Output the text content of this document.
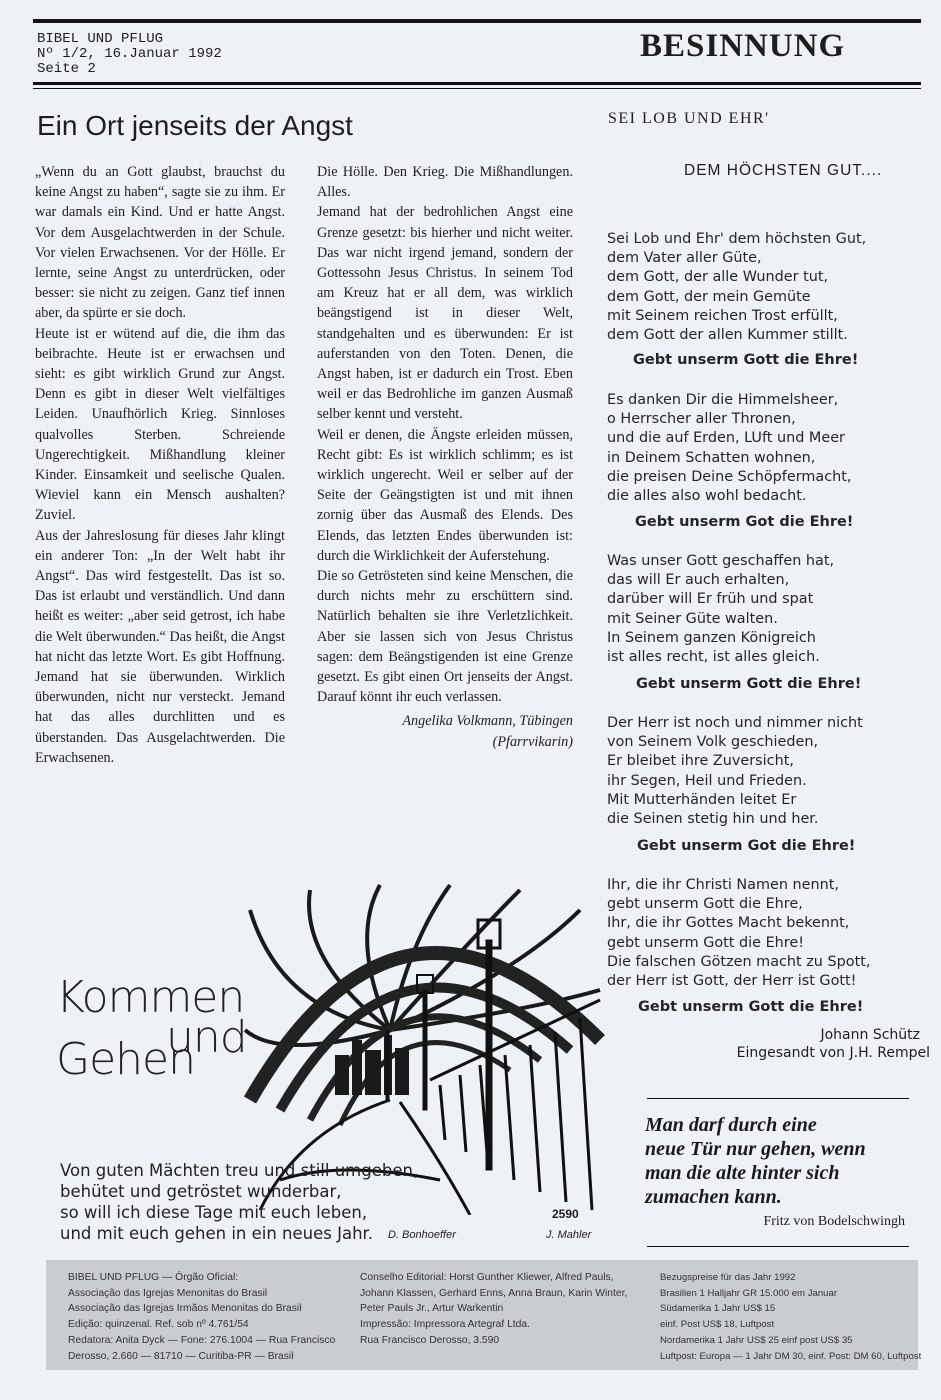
BIBEL UND PFLUG
Nº 1/2, 16.Januar 1992
Seite 2
BESINNUNG
Ein Ort jenseits der Angst

„Wenn du an Gott glaubst, brauchst du keine Angst zu haben“, sagte sie zu ihm. Er war damals ein Kind. Und er hatte Angst. Vor dem Ausgelachtwerden in der Schule. Vor vielen Erwachsenen. Vor der Hölle. Er lernte, seine Angst zu unterdrücken, oder besser: sie nicht zu zeigen. Ganz tief innen aber, da spürte er sie doch.

Heute ist er wütend auf die, die ihm das beibrachte. Heute ist er erwachsen und sieht: es gibt wirklich Grund zur Angst. Denn es gibt in dieser Welt vielfältiges Leiden. Unaufhörlich Krieg. Sinnloses qualvolles Sterben. Schreiende Ungerechtigkeit. Mißhandlung kleiner Kinder. Einsamkeit und seelische Qualen. Wieviel kann ein Mensch aushalten? Zuviel.

Aus der Jahreslosung für dieses Jahr klingt ein anderer Ton: „In der Welt habt ihr Angst“. Das wird festgestellt. Das ist so. Das ist erlaubt und verständlich. Und dann heißt es weiter: „aber seid getrost, ich habe die Welt überwunden.“ Das heißt, die Angst hat nicht das letzte Wort. Es gibt Hoffnung. Jemand hat sie überwunden. Wirklich überwunden, nicht nur versteckt. Jemand hat das alles durchlitten und es überstanden. Das Ausgelachtwerden. Die Erwachsenen.

Die Hölle. Den Krieg. Die Mißhandlungen. Alles.

Jemand hat der bedrohlichen Angst eine Grenze gesetzt: bis hierher und nicht weiter. Das war nicht irgend jemand, sondern der Gottessohn Jesus Christus. In seinem Tod am Kreuz hat er all dem, was wirklich beängstigend ist in dieser Welt, standgehalten und es überwunden: Er ist auferstanden von den Toten. Denen, die Angst haben, ist er dadurch ein Trost. Eben weil er das Bedrohliche im ganzen Ausmaß selber kennt und versteht.

Weil er denen, die Ängste erleiden müssen, Recht gibt: Es ist wirklich schlimm; es ist wirklich ungerecht. Weil er selber auf der Seite der Geängstigten ist und mit ihnen zornig über das Ausmaß des Elends. Des Elends, das letzten Endes überwunden ist: durch die Wirklichkeit der Auferstehung.

Die so Getrösteten sind keine Menschen, die durch nichts mehr zu erschüttern sind. Natürlich behalten sie ihre Verletzlichkeit. Aber sie lassen sich von Jesus Christus sagen: dem Beängstigenden ist eine Grenze gesetzt. Es gibt einen Ort jenseits der Angst. Darauf könnt ihr euch verlassen.

Angelika Volkmann, Tübingen

(Pfarrvikarin)

SEI LOB UND EHR'
DEM HÖCHSTEN GUT....
Sei Lob und Ehr' dem höchsten Gut,
dem Vater aller Güte,
dem Gott, der alle Wunder tut,
dem Gott, der mein Gemüte
mit Seinem reichen Trost erfüllt,
dem Gott der allen Kummer stillt.
Gebt unserm Gott die Ehre!
Es danken Dir die Himmelsheer,
o Herrscher aller Thronen,
und die auf Erden, LUft und Meer
in Deinem Schatten wohnen,
die preisen Deine Schöpfermacht,
die alles also wohl bedacht.
Gebt unserm Got die Ehre!
Was unser Gott geschaffen hat,
das will Er auch erhalten,
darüber will Er früh und spat
mit Seiner Güte walten.
In Seinem ganzen Königreich
ist alles recht, ist alles gleich.
Gebt unserm Gott die Ehre!
Der Herr ist noch und nimmer nicht
von Seinem Volk geschieden,
Er bleibet ihre Zuversicht,
ihr Segen, Heil und Frieden.
Mit Mutterhänden leitet Er
die Seinen stetig hin und her.
Gebt unserm Got die Ehre!
Ihr, die ihr Christi Namen nennt,
gebt unserm Gott die Ehre,
Ihr, die ihr Gottes Macht bekennt,
gebt unserm Gott die Ehre!
Die falschen Götzen macht zu Spott,
der Herr ist Gott, der Herr ist Gott!
Gebt unserm Gott die Ehre!
Johann Schütz
Eingesandt von J.H. Rempel
Kommen
und
Gehen
2590
J. Mahler
Von guten Mächten treu und still umgeben,
behütet und getröstet wunderbar,
so will ich diese Tage mit euch leben,
und mit euch gehen in ein neues Jahr.	D. Bonhoeffer
Man darf durch eine
neue Tür nur gehen, wenn
man die alte hinter sich
zumachen kann.
Fritz von Bodelschwingh
BIBEL UND PFLUG — Órgão Oficial:
Associação das Igrejas Menonitas do Brasil
Associação das Igrejas Irmãos Menonitas do Brasil
Edição: quinzenal. Ref. sob nº 4.761/54
Redatora: Anita Dyck — Fone: 276.1004 — Rua Francisco
Derosso, 2.660 — 81710 — Curitiba-PR — Brasil
Conselho Editorial: Horst Gunther Kliewer, Alfred Pauls,
Johann Klassen, Gerhard Enns, Anna Braun, Karin Winter,
Peter Pauls Jr., Artur Warkentin
Impressão: Impressora Artegraf Ltda.
Rua Francisco Derosso, 3.590
Bezugspreise für das Jahr 1992
Brasilien 1 Halljahr GR 15.000 em Januar
Südamerika 1 Jahr US$ 15
einf. Post US$ 18, Luftpost
Nordamerika 1 Jahr US$ 25 einf post US$ 35
Luftpost: Europa — 1 Jahr DM 30, einf. Post: DM 60, Luftpost
